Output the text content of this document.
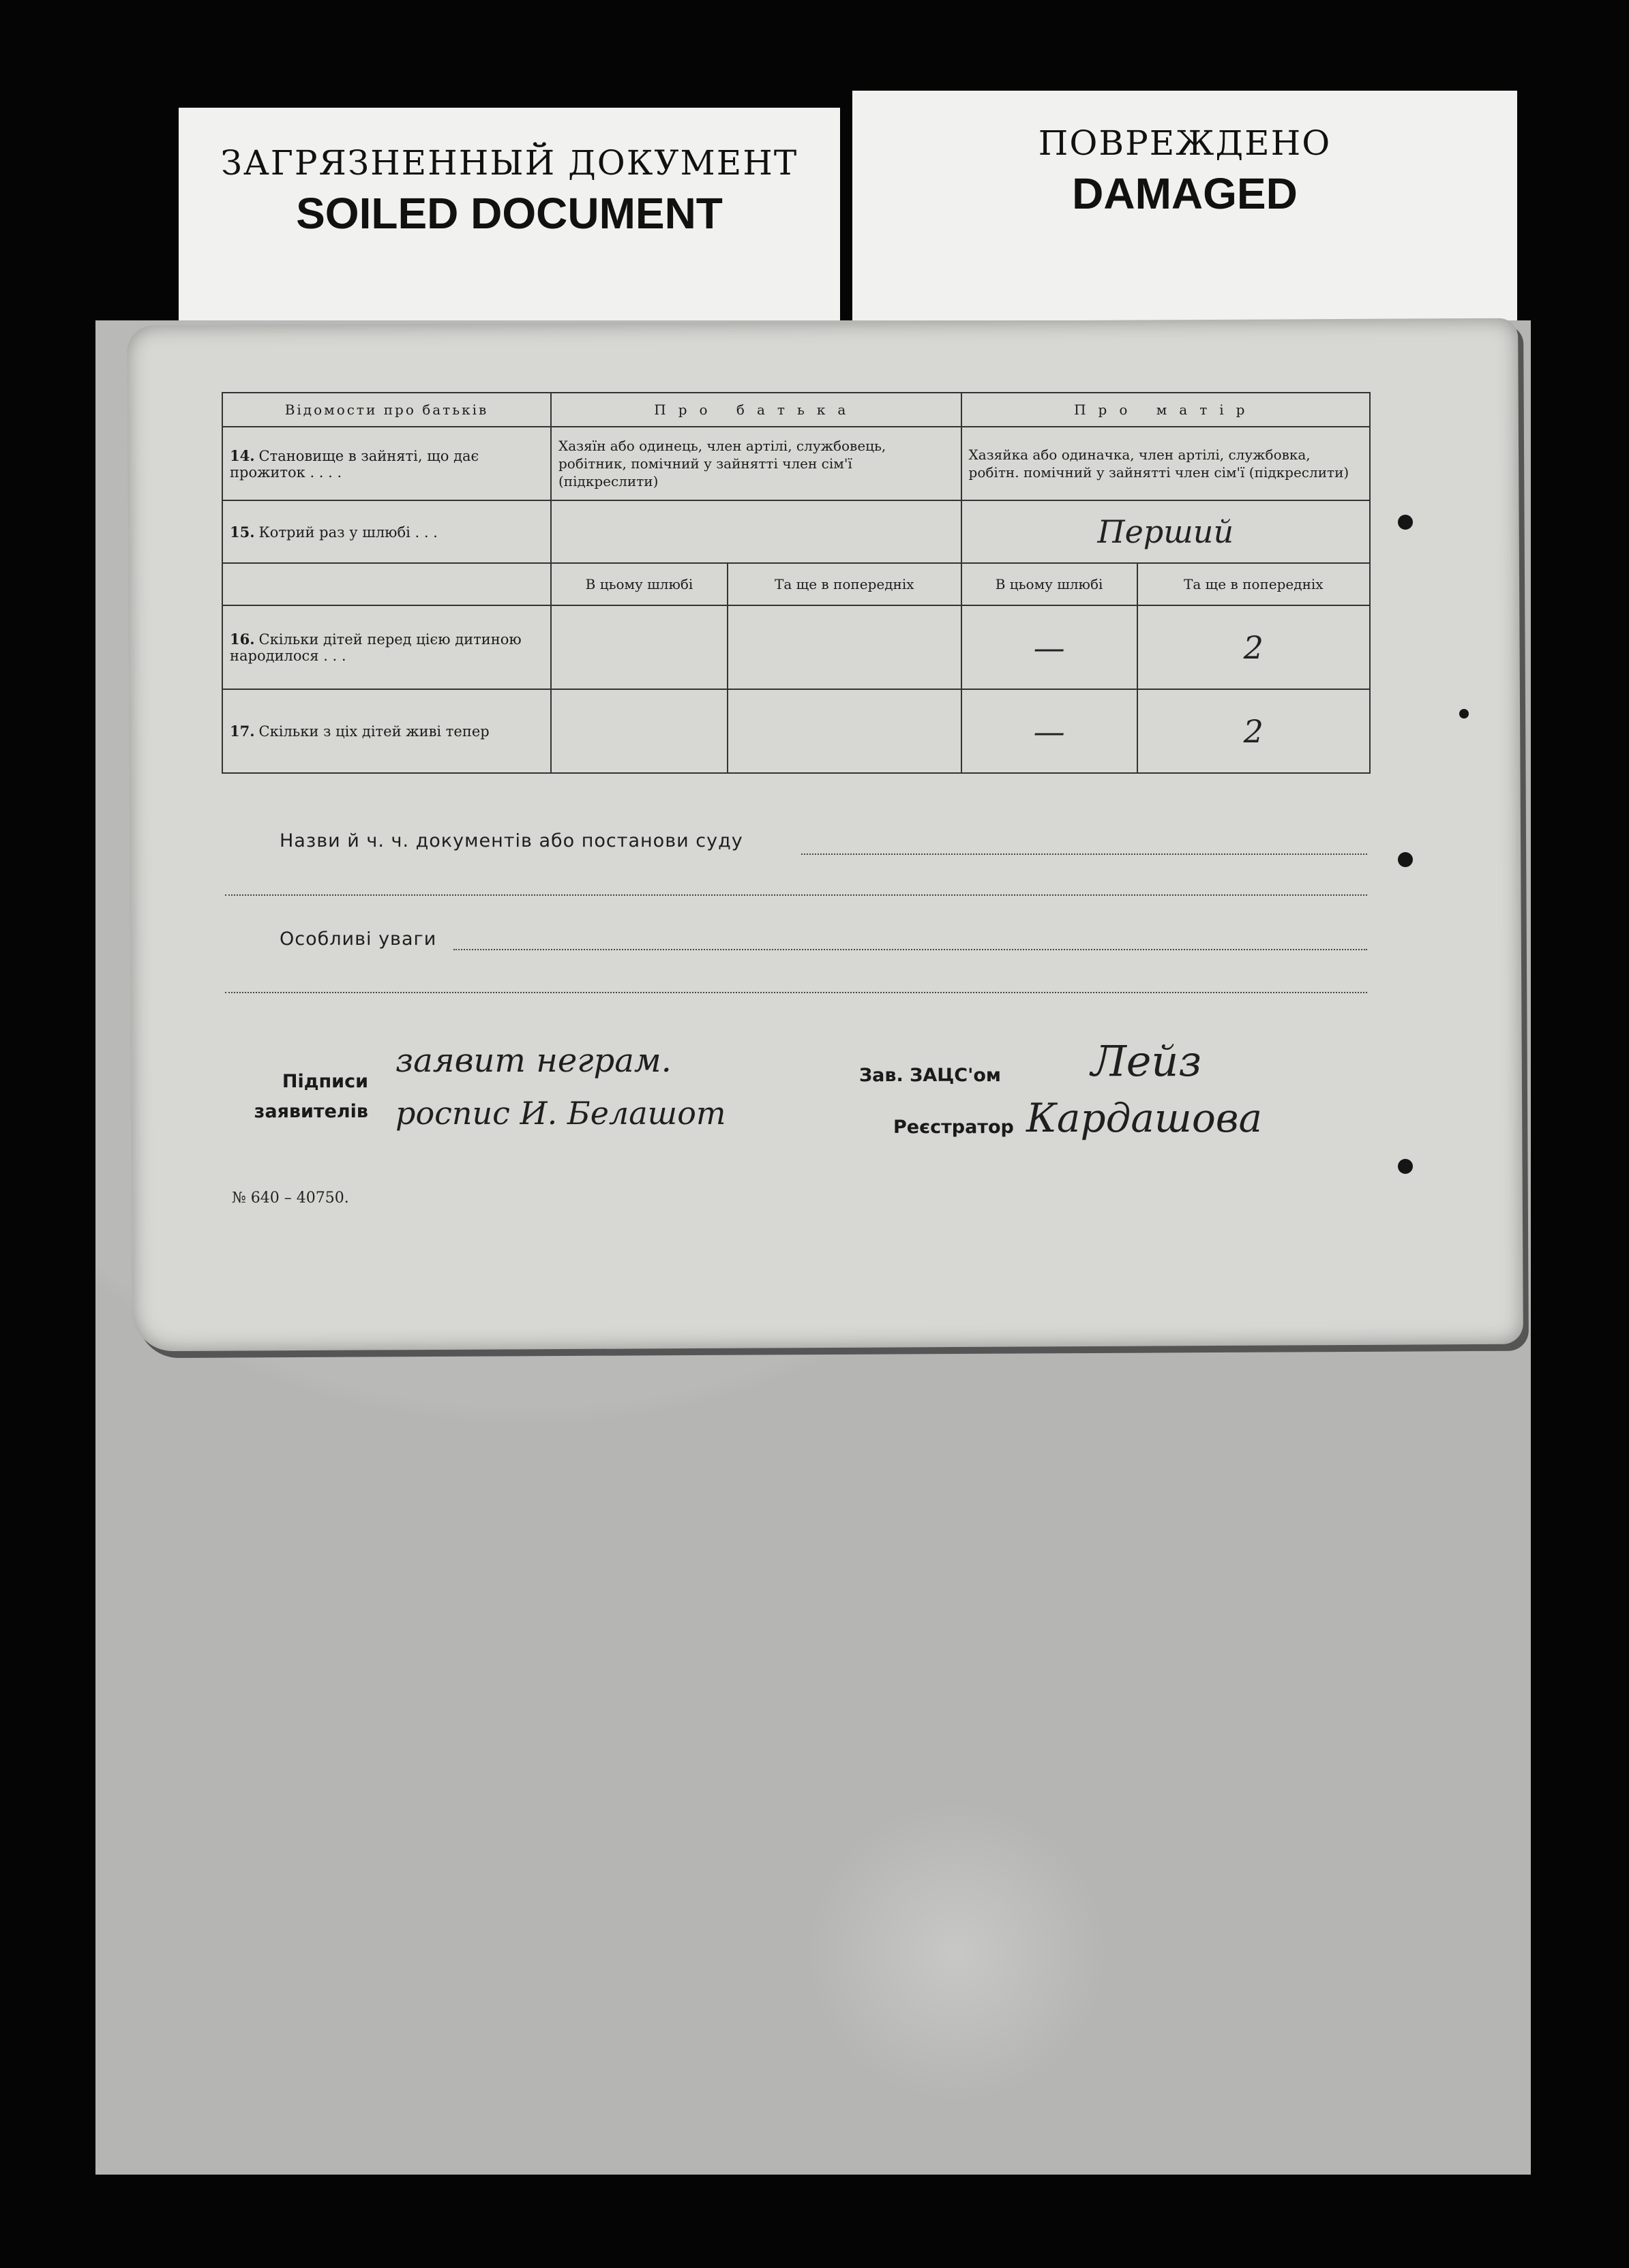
ЗАГРЯЗНЕННЫЙ ДОКУМЕНТ
SOILED DOCUMENT
ПОВРЕЖДЕНО
DAMAGED
Відомости про батьків	Про батька		Про матір	
14. Становище в зайняті, що дає прожиток . . . .	Хазяїн або одинець, член артілі, службовець, робітник, помічний у зайнятті член сім'ї (підкреслити)		Хазяйка або одиначка, член артілі, службовка, робітн. помічний у зайнятті член сім'ї (підкреслити)	
15. Котрий раз у шлюбі . . .			Перший	
	В цьому шлюбі	Та ще в попередніх	В цьому шлюбі	Та ще в попередніх
16. Скільки дітей перед цією дитиною народилося . . .			—	2
17. Скільки з ціх дітей живі тепер			—	2
Назви й ч. ч. документів або постанови суду
Особливі уваги
Підписи
заявителів
заявит неграм.
роспис И. Белашот
Зав. ЗАЦС'ом	Лейз
Реєстратор Кардашова
№ 640 – 40750.
